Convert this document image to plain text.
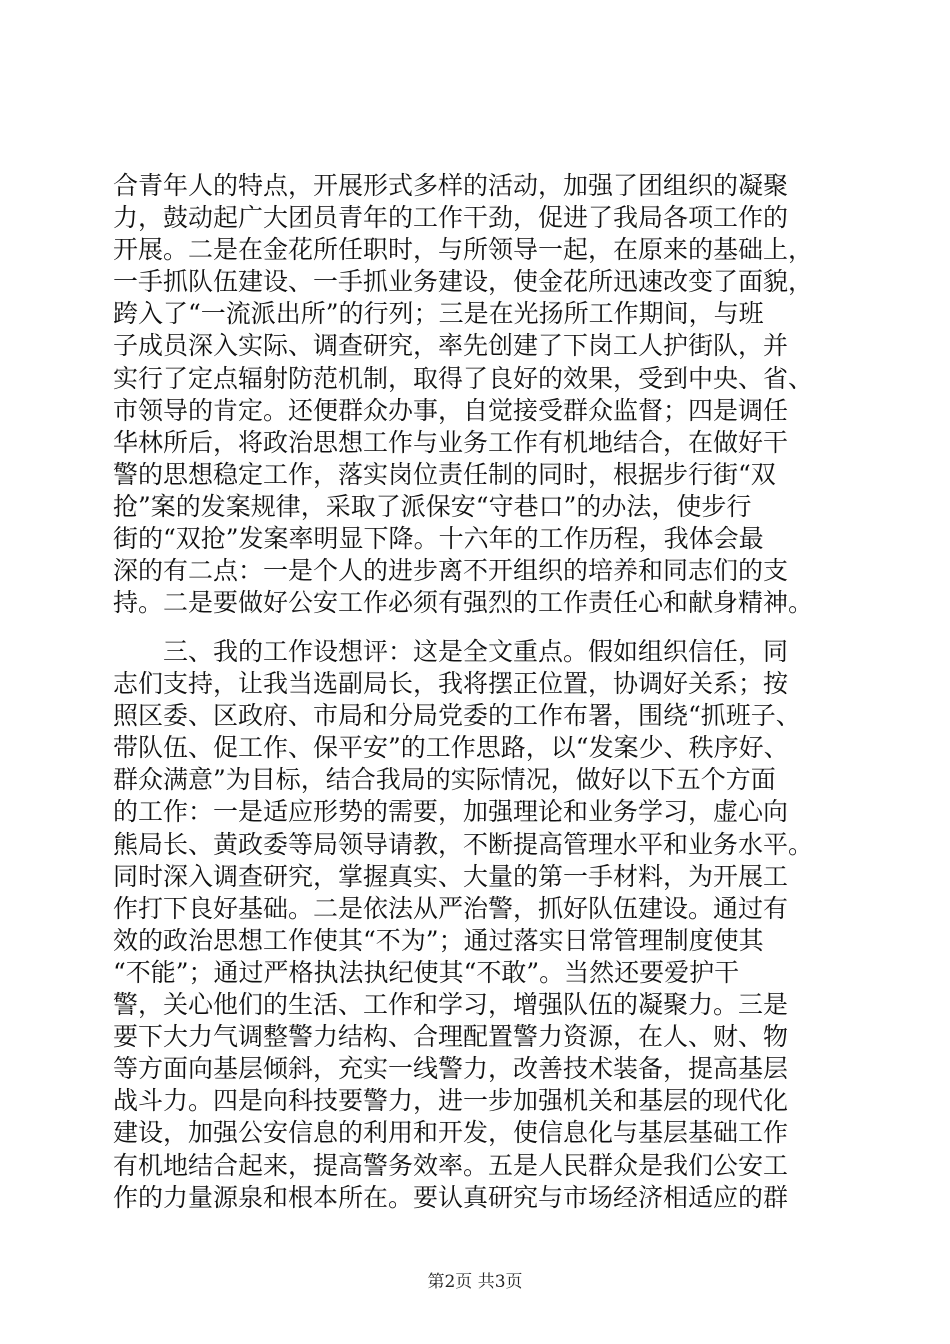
合青年人的特点，开展形式多样的活动，加强了团组织的凝聚
力，鼓动起广大团员青年的工作干劲，促进了我局各项工作的
开展。二是在金花所任职时，与所领导一起，在原来的基础上，
一手抓队伍建设、一手抓业务建设，使金花所迅速改变了面貌，
跨入了“一流派出所”的行列；三是在光扬所工作期间，与班
子成员深入实际、调查研究，率先创建了下岗工人护街队，并
实行了定点辐射防范机制，取得了良好的效果，受到中央、省、
市领导的肯定。还便群众办事，自觉接受群众监督；四是调任
华林所后，将政治思想工作与业务工作有机地结合，在做好干
警的思想稳定工作，落实岗位责任制的同时，根据步行街“双
抢”案的发案规律，采取了派保安“守巷口”的办法，使步行
街的“双抢”发案率明显下降。十六年的工作历程，我体会最
深的有二点：一是个人的进步离不开组织的培养和同志们的支
持。二是要做好公安工作必须有强烈的工作责任心和献身精神。
　　三、我的工作设想评：这是全文重点。假如组织信任，同
志们支持，让我当选副局长，我将摆正位置，协调好关系；按
照区委、区政府、市局和分局党委的工作布署，围绕“抓班子、
带队伍、促工作、保平安”的工作思路，以“发案少、秩序好、
群众满意”为目标，结合我局的实际情况，做好以下五个方面
的工作：一是适应形势的需要，加强理论和业务学习，虚心向
熊局长、黄政委等局领导请教，不断提高管理水平和业务水平。
同时深入调查研究，掌握真实、大量的第一手材料，为开展工
作打下良好基础。二是依法从严治警，抓好队伍建设。通过有
效的政治思想工作使其“不为”；通过落实日常管理制度使其
“不能”；通过严格执法执纪使其“不敢”。当然还要爱护干
警，关心他们的生活、工作和学习，增强队伍的凝聚力。三是
要下大力气调整警力结构、合理配置警力资源，在人、财、物
等方面向基层倾斜，充实一线警力，改善技术装备，提高基层
战斗力。四是向科技要警力，进一步加强机关和基层的现代化
建设，加强公安信息的利用和开发，使信息化与基层基础工作
有机地结合起来，提高警务效率。五是人民群众是我们公安工
作的力量源泉和根本所在。要认真研究与市场经济相适应的群
第2页 共3页
